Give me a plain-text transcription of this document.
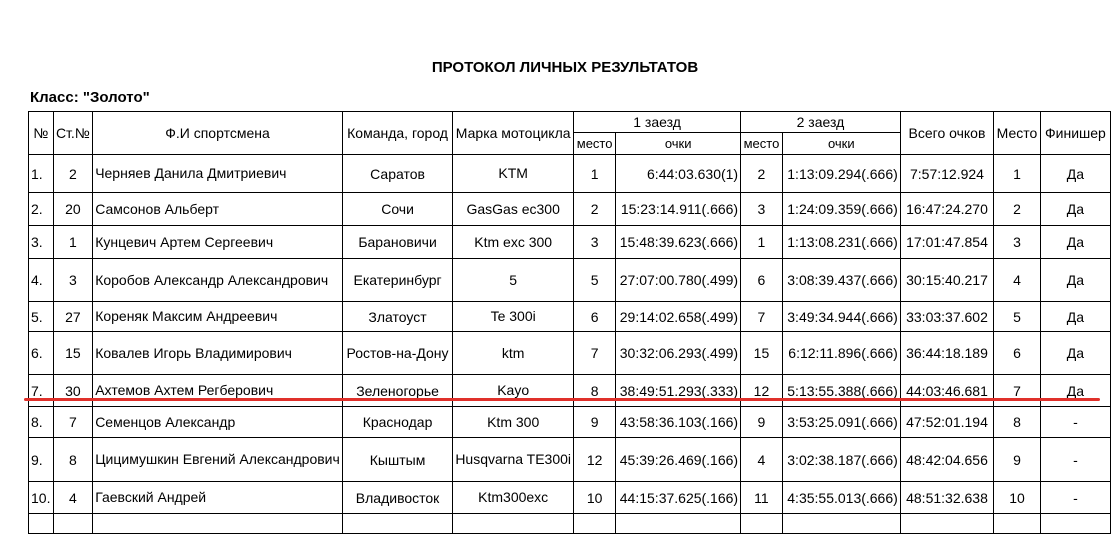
ПРОТОКОЛ ЛИЧНЫХ РЕЗУЛЬТАТОВ
Класс: "Золото"
№	Ст.№	Ф.И спортсмена	Команда, город	Марка мотоцикла	1 заезд		2 заезд		Всего очков	Место	Финишер
					место	очки	место	очки			
1.	2	Черняев Данила Дмитриевич	Саратов	KTM	1	6:44:03.630(1)	2	1:13:09.294(.666)	7:57:12.924	1	Да
2.	20	Самсонов Альберт	Сочи	GasGas ec300	2	15:23:14.911(.666)	3	1:24:09.359(.666)	16:47:24.270	2	Да
3.	1	Кунцевич Артем Сергеевич	Барановичи	Ktm exc 300	3	15:48:39.623(.666)	1	1:13:08.231(.666)	17:01:47.854	3	Да
4.	3	Коробов Александр Александрович	Екатеринбург	5	5	27:07:00.780(.499)	6	3:08:39.437(.666)	30:15:40.217	4	Да
5.	27	Кореняк Максим Андреевич	Златоуст	Te 300i	6	29:14:02.658(.499)	7	3:49:34.944(.666)	33:03:37.602	5	Да
6.	15	Ковалев Игорь Владимирович	Ростов-на-Дону	ktm	7	30:32:06.293(.499)	15	6:12:11.896(.666)	36:44:18.189	6	Да
7.	30	Ахтемов Ахтем Регберович	Зеленогорье	Kayo	8	38:49:51.293(.333)	12	5:13:55.388(.666)	44:03:46.681	7	Да
8.	7	Семенцов Александр	Краснодар	Ktm 300	9	43:58:36.103(.166)	9	3:53:25.091(.666)	47:52:01.194	8	-
9.	8	Цицимушкин Евгений Александрович	Кыштым	Husqvarna TE300i	12	45:39:26.469(.166)	4	3:02:38.187(.666)	48:42:04.656	9	-
10.	4	Гаевский Андрей	Владивосток	Ktm300exc	10	44:15:37.625(.166)	11	4:35:55.013(.666)	48:51:32.638	10	-
